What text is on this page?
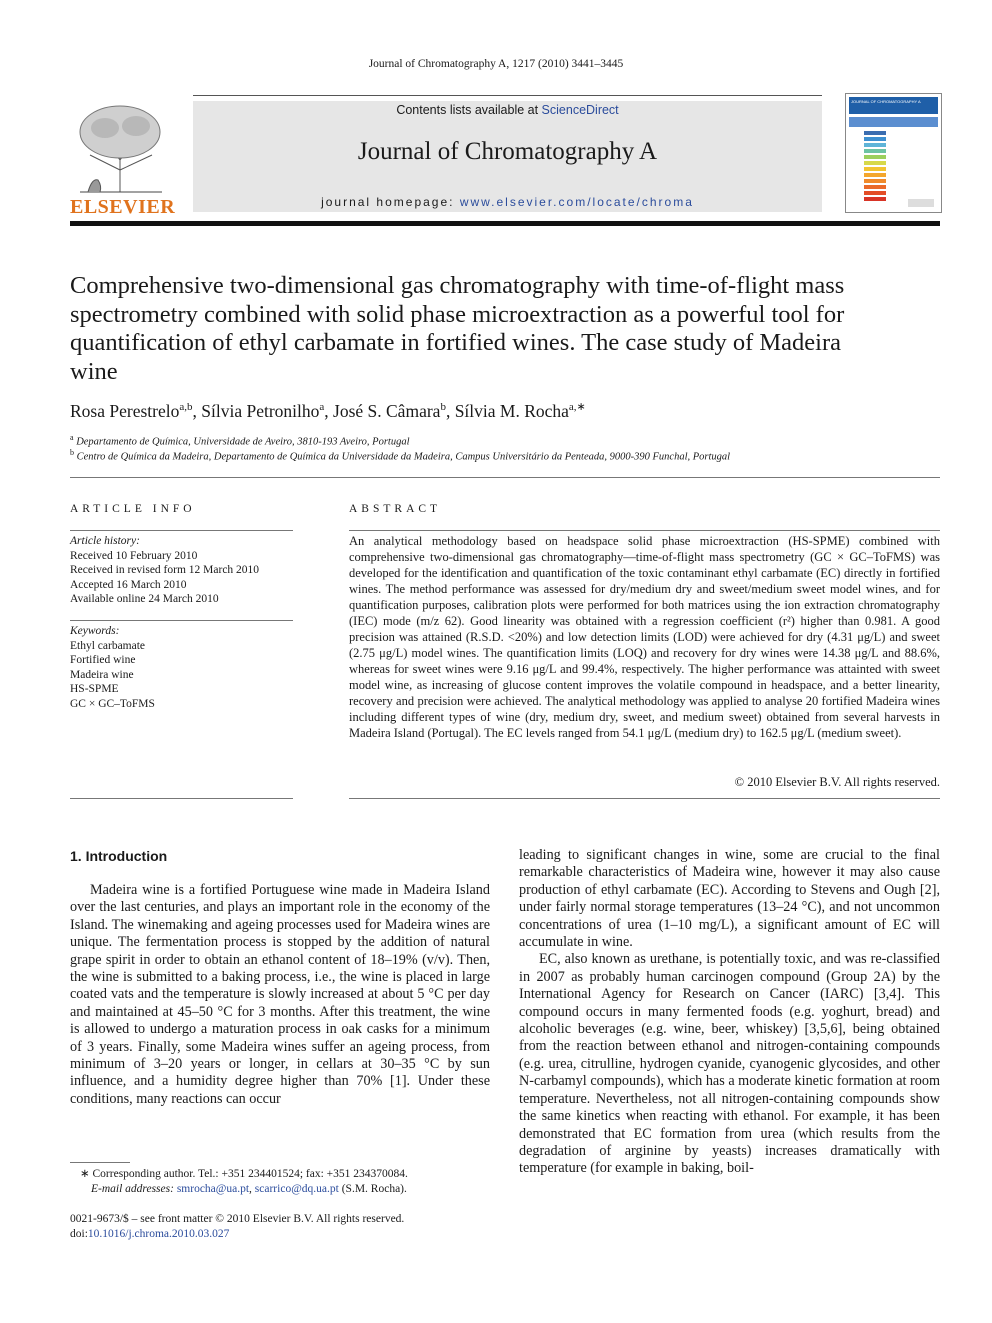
Journal of Chromatography A, 1217 (2010) 3441–3445
ELSEVIER
Contents lists available at ScienceDirect
Journal of Chromatography A
journal homepage: www.elsevier.com/locate/chroma
JOURNAL OF CHROMATOGRAPHY A
Comprehensive two-dimensional gas chromatography with time-of-flight mass spectrometry combined with solid phase microextraction as a powerful tool for quantification of ethyl carbamate in fortified wines. The case study of Madeira wine
Rosa Perestrelo$^{a,b}$, Sílvia Petronilho$^a$, José S. Câmara$^b$, Sílvia M. Rocha$^{a,∗}$
$^a$ Departamento de Química, Universidade de Aveiro, 3810-193 Aveiro, Portugal
$^b$ Centro de Química da Madeira, Departamento de Química da Universidade da Madeira, Campus Universitário da Penteada, 9000-390 Funchal, Portugal
ARTICLE INFO
Article history:
Received 10 February 2010
Received in revised form 12 March 2010
Accepted 16 March 2010
Available online 24 March 2010
Keywords:
Ethyl carbamate
Fortified wine
Madeira wine
HS-SPME
GC × GC–ToFMS
ABSTRACT
An analytical methodology based on headspace solid phase microextraction (HS-SPME) combined with comprehensive two-dimensional gas chromatography—time-of-flight mass spectrometry (GC × GC–ToFMS) was developed for the identification and quantification of the toxic contaminant ethyl carbamate (EC) directly in fortified wines. The method performance was assessed for dry/medium dry and sweet/medium sweet model wines, and for quantification purposes, calibration plots were performed for both matrices using the ion extraction chromatography (IEC) mode (m/z 62). Good linearity was obtained with a regression coefficient (r²) higher than 0.981. A good precision was attained (R.S.D. <20%) and low detection limits (LOD) were achieved for dry (4.31 μg/L) and sweet (2.75 μg/L) model wines. The quantification limits (LOQ) and recovery for dry wines were 14.38 μg/L and 88.6%, whereas for sweet wines were 9.16 μg/L and 99.4%, respectively. The higher performance was attainted with sweet model wine, as increasing of glucose content improves the volatile compound in headspace, and a better linearity, recovery and precision were achieved. The analytical methodology was applied to analyse 20 fortified Madeira wines including different types of wine (dry, medium dry, sweet, and medium sweet) obtained from several harvests in Madeira Island (Portugal). The EC levels ranged from 54.1 μg/L (medium dry) to 162.5 μg/L (medium sweet).
© 2010 Elsevier B.V. All rights reserved.
1. Introduction

Madeira wine is a fortified Portuguese wine made in Madeira Island over the last centuries, and plays an important role in the economy of the Island. The winemaking and ageing processes used for Madeira wines are unique. The fermentation process is stopped by the addition of natural grape spirit in order to obtain an ethanol content of 18–19% (v/v). Then, the wine is submitted to a baking process, i.e., the wine is placed in large coated vats and the temperature is slowly increased at about 5 °C per day and maintained at 45–50 °C for 3 months. After this treatment, the wine is allowed to undergo a maturation process in oak casks for a minimum of 3 years. Finally, some Madeira wines suffer an ageing process, from minimum of 3–20 years or longer, in cellars at 30–35 °C by sun influence, and a humidity degree higher than 70% [1]. Under these conditions, many reactions can occur

leading to significant changes in wine, some are crucial to the final remarkable characteristics of Madeira wine, however it may also cause production of ethyl carbamate (EC). According to Stevens and Ough [2], under fairly normal storage temperatures (13–24 °C), and not uncommon concentrations of urea (1–10 mg/L), a significant amount of EC will accumulate in wine.

EC, also known as urethane, is potentially toxic, and was re-classified in 2007 as probably human carcinogen compound (Group 2A) by the International Agency for Research on Cancer (IARC) [3,4]. This compound occurs in many fermented foods (e.g. yoghurt, bread) and alcoholic beverages (e.g. wine, beer, whiskey) [3,5,6], being obtained from the reaction between ethanol and nitrogen-containing compounds (e.g. urea, citrulline, hydrogen cyanide, cyanogenic glycosides, and other N-carbamyl compounds), which has a moderate kinetic formation at room temperature. Nevertheless, not all nitrogen-containing compounds show the same kinetics when reacting with ethanol. For example, it has been demonstrated that EC formation from urea (which results from the degradation of arginine by yeasts) increases dramatically with temperature (for example in baking, boil-

∗ Corresponding author. Tel.: +351 234401524; fax: +351 234370084.
E-mail addresses: smrocha@ua.pt, scarrico@dq.ua.pt (S.M. Rocha).
0021-9673/$ – see front matter © 2010 Elsevier B.V. All rights reserved.
doi:10.1016/j.chroma.2010.03.027
